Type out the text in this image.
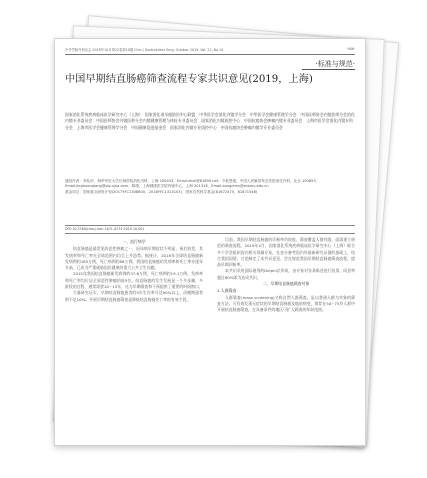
中华胃肠外科杂志 2019年10月第22卷第10期 Chin J Gastrointest Surg, October 2019, Vol. 22, No.10	·906·
·标准与规范·
中国早期结直肠癌筛查流程专家共识意见(2019，上海)
国家消化系统疾病临床医学研究中心（上海）　国家消化道早癌防治中心联盟　中华医学会消化内镜学分会　中华医学会健康管理学分会　中国医师协会内镜医师分会消化内镜专业委员会　中国医师协会内镜医师分会内镜健康管理与体检专业委员会　国家消化内镜质控中心　中国抗癌协会肿瘤内镜专业委员会　上海市医学会消化内镜专科分会　上海市医学会健康管理学分会　中国健康促进基金会　国家消化内镜专业质控中心　中国抗癌协会肿瘤内镜学专业委员会
通信作者：李兆申，海军军医大学长海医院消化内科，上海 200433，Email:zhsli@81890.net；令狐恩强，中国人民解放军总医院消化内科，北京 100853，Email:linghuenqiang@vip.sina.com；陈康，上海健康医学院内镜中心，上海 201318，Email:kangchen@shsmu.edu.cn
基金项目：国家重点研发计划(2017YFC1308800，2018YFC1313103)；国家自然科学基金(81672475，81871546)
DOI:10.3760/cma.j.issn.1671-0274.2019.10.001
一、流行病学

结直肠癌是最常见的恶性肿瘤之一，因该病早期症状不明显，预后较差，其发病率和死亡率在全球范围内均呈上升趋势。据统计，2018年全球结直肠癌新发病例约185万例，死亡病例约88万例。我国结直肠癌的发病率和死亡率亦逐年升高，已成为严重威胁国民健康的重大公共卫生问题。

2015年我国结直肠癌新发病例约37.6万例，死亡病例约19.1万例，发病率和死亡率均位居全部恶性肿瘤的前5位。结直肠癌的发生发展是一个多步骤、多阶段的过程，通常需要10~15年，这为早期筛查和干预提供了重要的时间窗口。

大量研究证实，早期结直肠癌患者的5年生存率可达90%以上，而晚期患者则不足10%。开展早期结直肠癌筛查是降低结直肠癌死亡率的有效手段。

目前，我国早期结直肠癌的诊断率仍较低，筛查覆盖人群有限，亟需建立规范的筛查流程。2019年4月，国家消化系统疾病临床医学研究中心（上海）联合多个学会组织国内相关领域专家，在充分参考国内外最新研究证据的基础上，结合我国国情，讨论制定了本共识意见，旨在规范我国早期结直肠癌筛查流程，提高早期诊断率。

本共识采用国际通用的Delphi法形成，由专家对各条陈述进行投票，同意率超过80%即为达成共识。

二、早期结直肠癌筛查对象
1.人群筛查

人群筛查(mass screening)又称自然人群筛查，是以普通人群为对象的筛查方法，可有效发现无症状的早期结直肠癌及癌前病变，推荐在50~75岁人群中开展结直肠癌筛查，在具备条件的地区可扩大筛查的年龄范围。
